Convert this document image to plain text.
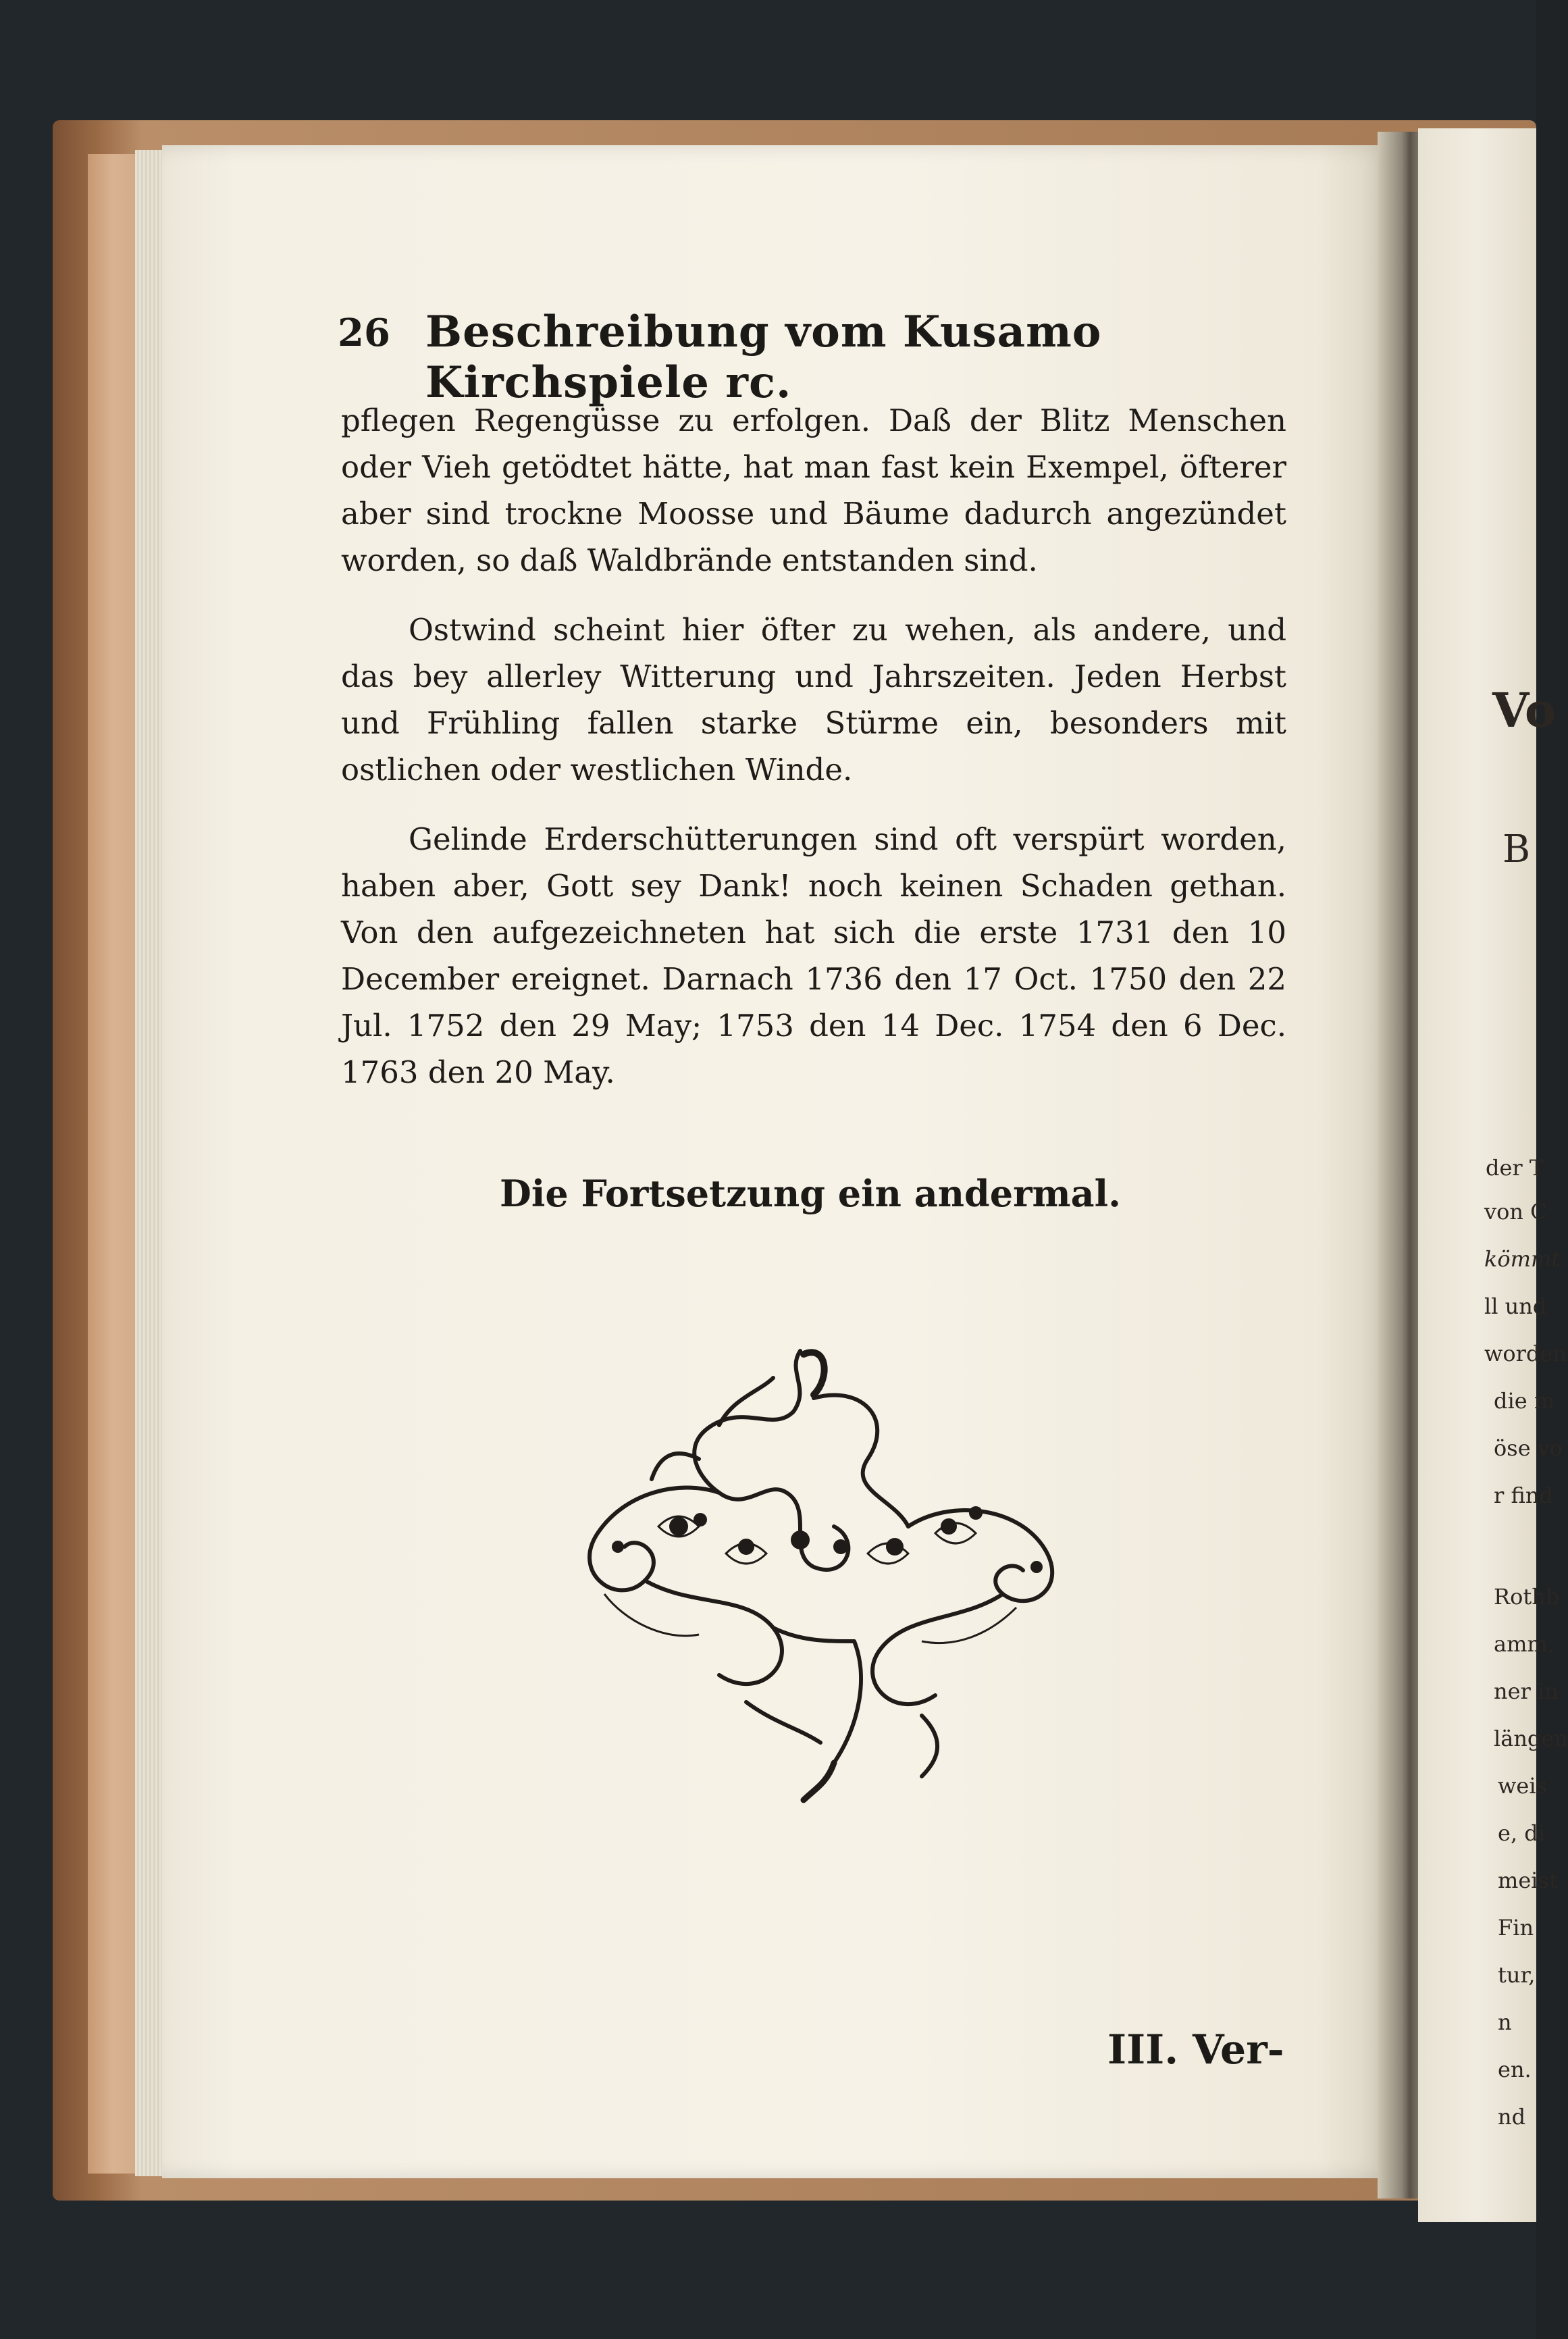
Vo
B
der T
von C
kömmt
ll und
worden
die m
öse vo
r find
Rothb
amm,
ner in
längen
weis
e, di
meist
Fin
tur,
n
en.
nd
26 Beschreibung vom Kusamo Kirchspiele rc.

pflegen Regengüsse zu erfolgen. Daß der Blitz Menschen oder Vieh getödtet hätte, hat man fast kein Exempel, öfterer aber sind trockne Moosse und Bäume dadurch angezündet worden, so daß Waldbrände entstanden sind.

Ostwind scheint hier öfter zu wehen, als andere, und das bey allerley Witterung und Jahrszeiten. Jeden Herbst und Frühling fallen starke Stürme ein, besonders mit ostlichen oder westlichen Winde.

Gelinde Erderschütterungen sind oft verspürt worden, haben aber, Gott sey Dank! noch keinen Schaden gethan. Von den aufgezeichneten hat sich die erste 1731 den 10 December ereignet. Darnach 1736 den 17 Oct. 1750 den 22 Jul. 1752 den 29 May; 1753 den 14 Dec. 1754 den 6 Dec. 1763 den 20 May.

Die Fortsetzung ein andermal.
III. Ver-
